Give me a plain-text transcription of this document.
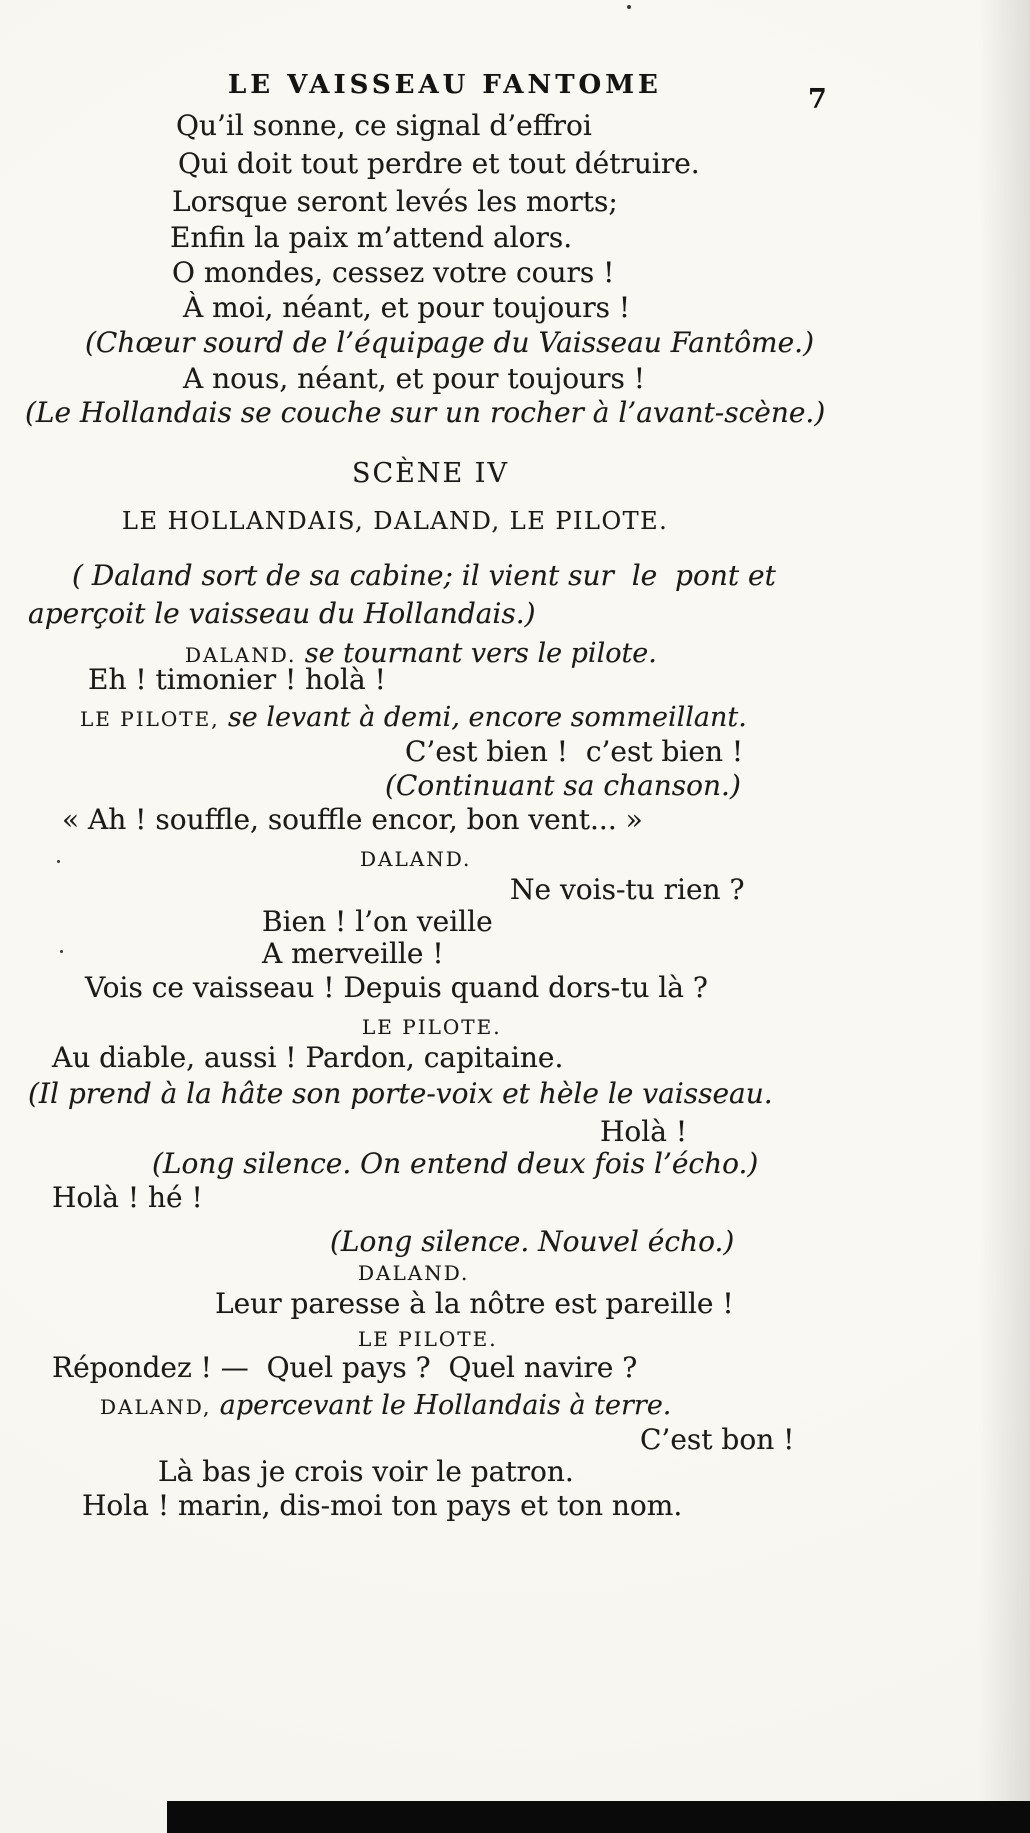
LE VAISSEAU FANTOME	7
Qu’il sonne, ce signal d’effroi
Qui doit tout perdre et tout détruire.
Lorsque seront levés les morts;
Enfin la paix m’attend alors.
O mondes, cessez votre cours !
À moi, néant, et pour toujours !
(Chœur sourd de l’équipage du Vaisseau Fantôme.)
A nous, néant, et pour toujours !
(Le Hollandais se couche sur un rocher à l’avant-scène.)
SCÈNE IV
LE HOLLANDAIS, DALAND, LE PILOTE.
( Daland sort de sa cabine; il vient sur  le  pont et
aperçoit le vaisseau du Hollandais.)
DALAND. se tournant vers le pilote.
Eh ! timonier ! holà !
LE PILOTE, se levant à demi, encore sommeillant.
C’est bien !  c’est bien !
(Continuant sa chanson.)
« Ah ! souffle, souffle encor, bon vent... »
DALAND.
Ne vois-tu rien ?
Bien ! l’on veille
A merveille !
Vois ce vaisseau ! Depuis quand dors-tu là ?
LE PILOTE.
Au diable, aussi ! Pardon, capitaine.
(Il prend à la hâte son porte-voix et hèle le vaisseau.
Holà !
(Long silence. On entend deux fois l’écho.)
Holà ! hé !
(Long silence. Nouvel écho.)
DALAND.
Leur paresse à la nôtre est pareille !
LE PILOTE.
Répondez ! —  Quel pays ?  Quel navire ?
DALAND, apercevant le Hollandais à terre.
C’est bon !
Là bas je crois voir le patron.
Hola ! marin, dis-moi ton pays et ton nom.
